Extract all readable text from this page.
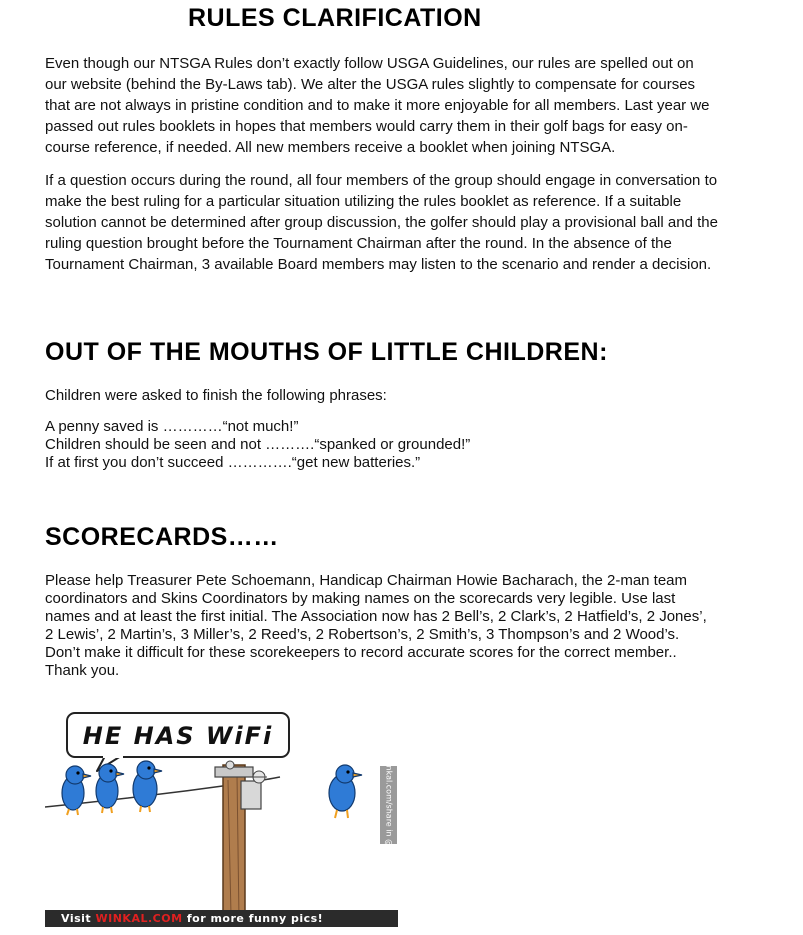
RULES CLARIFICATION

Even though our NTSGA Rules don’t exactly follow USGA Guidelines, our rules are spelled out on
our website (behind the By-Laws tab). We alter the USGA rules slightly to compensate for courses
that are not always in pristine condition and to make it more enjoyable for all members. Last year we
passed out rules booklets in hopes that members would carry them in their golf bags for easy on-
course reference, if needed. All new members receive a booklet when joining NTSGA.

If a question occurs during the round, all four members of the group should engage in conversation to
make the best ruling for a particular situation utilizing the rules booklet as reference. If a suitable
solution cannot be determined after group discussion, the golfer should play a provisional ball and the
ruling question brought before the Tournament Chairman after the round. In the absence of the
Tournament Chairman, 3 available Board members may listen to the scenario and render a decision.

OUT OF THE MOUTHS OF LITTLE CHILDREN:

Children were asked to finish the following phrases:

A penny saved is …………“not much!”
Children should be seen and not ……….“spanked or grounded!”
If at first you don’t succeed ………….“get new batteries.”

SCORECARDS……

Please help Treasurer Pete Schoemann, Handicap Chairman Howie Bacharach, the 2-man team
coordinators and Skins Coordinators by making names on the scorecards very legible. Use last
names and at least the first initial. The Association now has 2 Bell’s, 2 Clark’s, 2 Hatfield’s, 2 Jones’,
2 Lewis’, 2 Martin’s, 3 Miller’s, 2 Reed’s, 2 Robertson’s, 2 Smith’s, 3 Thompson’s and 2 Wood’s.
Don’t make it difficult for these scorekeepers to record accurate scores for the correct member..
Thank you.

HE HAS WiFi
Winkal.com/share in @hj
Visit WINKAL.COM for more funny pics!
